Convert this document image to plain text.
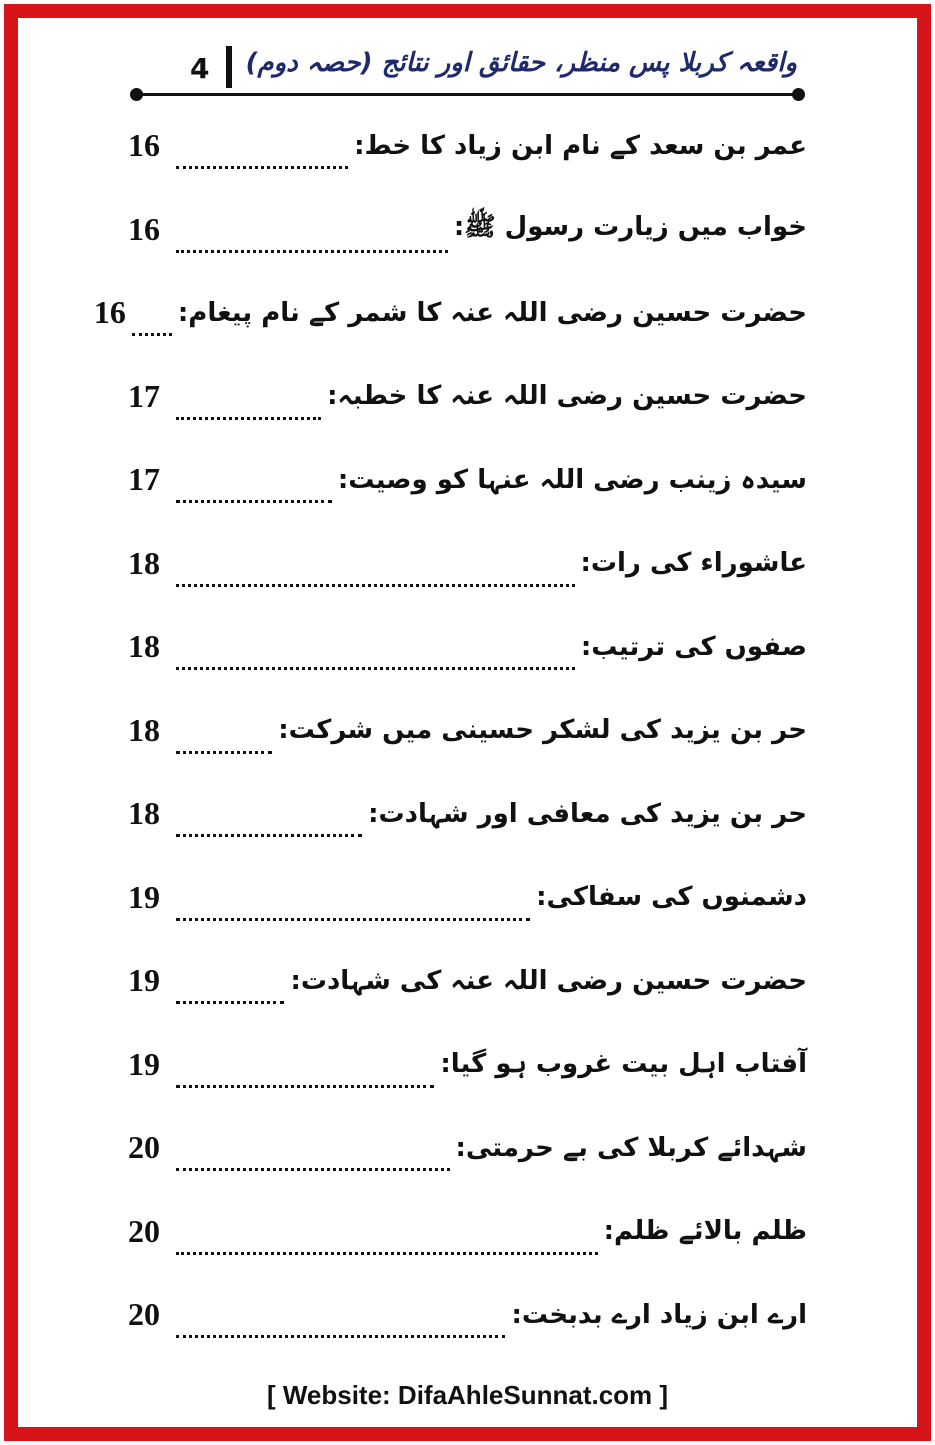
4 واقعہ کربلا پس منظر، حقائق اور نتائج (حصہ دوم)
عمر بن سعد کے نام ابن زیاد کا خط:
16
خواب میں زیارت رسول ﷺ:
16
حضرت حسین رضی اللہ عنہ کا شمر کے نام پیغام:
16
حضرت حسین رضی اللہ عنہ کا خطبہ:
17
سیدہ زینب رضی اللہ عنہا کو وصیت:
17
عاشوراء کی رات:
18
صفوں کی ترتیب:
18
حر بن یزید کی لشکر حسینی میں شرکت:
18
حر بن یزید کی معافی اور شہادت:
18
دشمنوں کی سفاکی:
19
حضرت حسین رضی اللہ عنہ کی شہادت:
19
آفتاب اہل بیت غروب ہو گیا:
19
شہدائے کربلا کی بے حرمتی:
20
ظلم بالائے ظلم:
20
ارے ابن زیاد ارے بدبخت:
20
[ Website: DifaAhleSunnat.com ]
